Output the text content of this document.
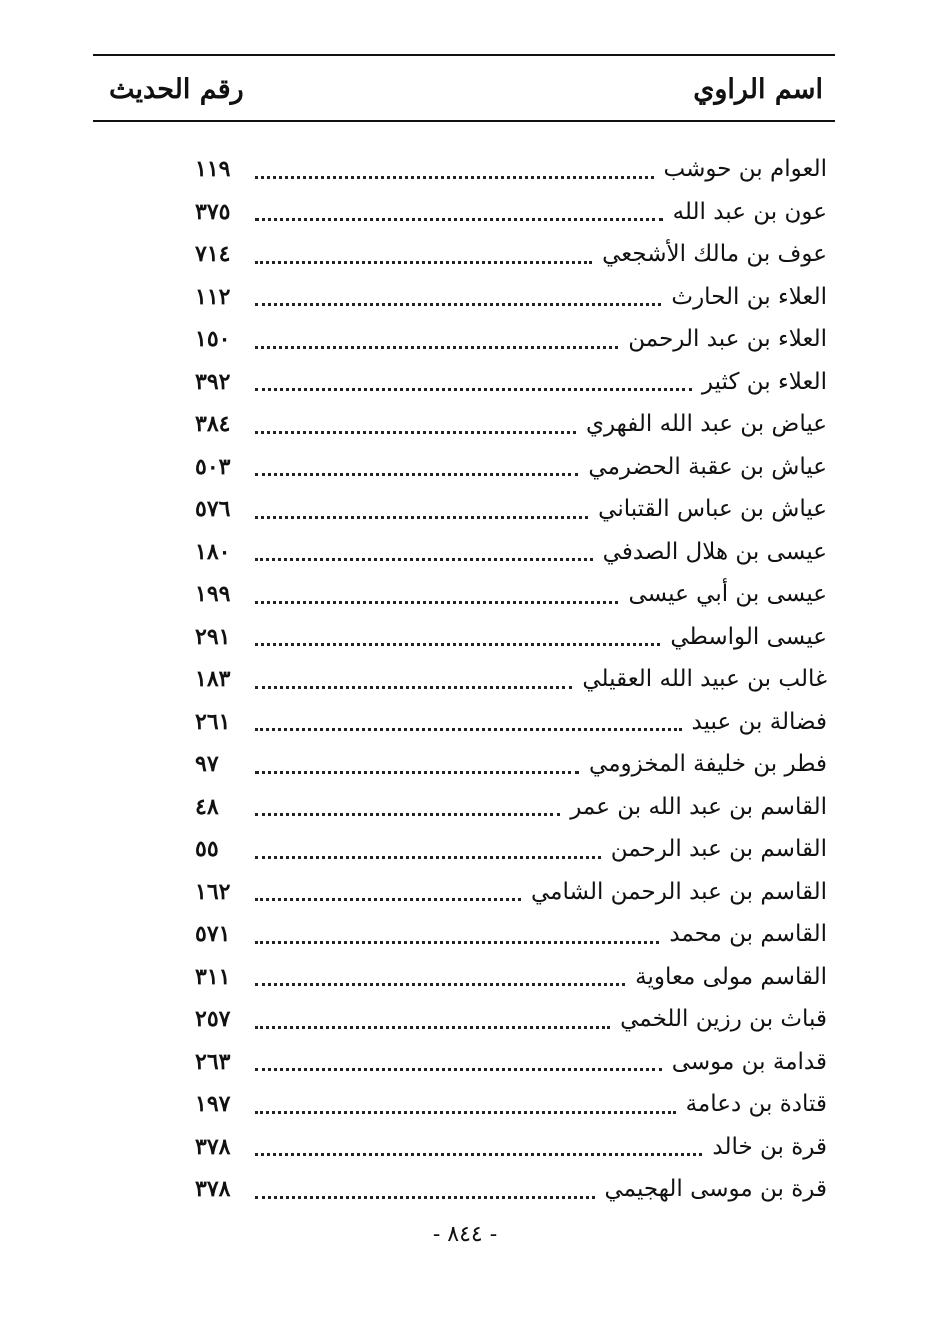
اسم الراوي
رقم الحديث
العوام بن حوشب
١١٩
عون بن عبد الله
٣٧٥
عوف بن مالك الأشجعي
٧١٤
العلاء بن الحارث
١١٢
العلاء بن عبد الرحمن
١٥٠
العلاء بن كثير
٣٩٢
عياض بن عبد الله الفهري
٣٨٤
عياش بن عقبة الحضرمي
٥٠٣
عياش بن عباس القتباني
٥٧٦
عيسى بن هلال الصدفي
١٨٠
عيسى بن أبي عيسى
١٩٩
عيسى الواسطي
٢٩١
غالب بن عبيد الله العقيلي
١٨٣
فضالة بن عبيد
٢٦١
فطر بن خليفة المخزومي
٩٧
القاسم بن عبد الله بن عمر
٤٨
القاسم بن عبد الرحمن
٥٥
القاسم بن عبد الرحمن الشامي
١٦٢
القاسم بن محمد
٥٧١
القاسم مولى معاوية
٣١١
قباث بن رزين اللخمي
٢٥٧
قدامة بن موسى
٢٦٣
قتادة بن دعامة
١٩٧
قرة بن خالد
٣٧٨
قرة بن موسى الهجيمي
٣٧٨
- ٨٤٤ -
